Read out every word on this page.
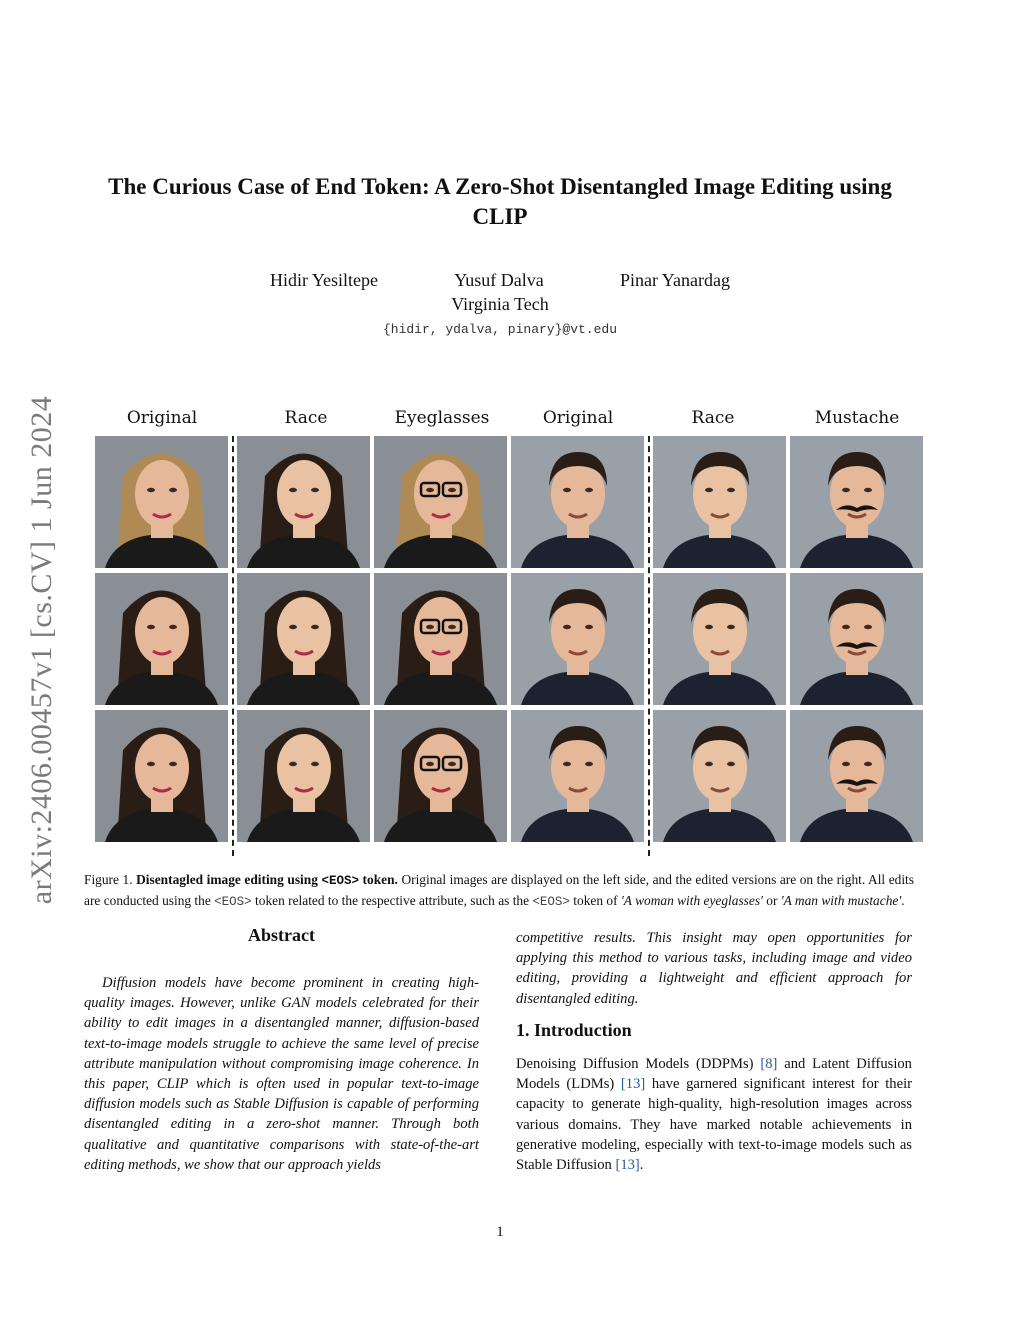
arXiv:2406.00457v1 [cs.CV] 1 Jun 2024
The Curious Case of End Token: A Zero-Shot Disentangled Image Editing using CLIP
Hidir Yesiltepe	Yusuf Dalva	Pinar Yanardag
Virginia Tech
{hidir, ydalva, pinary}@vt.edu
Original	Race	Eyeglasses	Original	Race	Mustache
Figure 1. Disentagled image editing using <EOS> token. Original images are displayed on the left side, and the edited versions are on the right. All edits are conducted using the <EOS> token related to the respective attribute, such as the <EOS> token of 'A woman with eyeglasses' or 'A man with mustache'.
Abstract
Diffusion models have become prominent in creating high-quality images. However, unlike GAN models celebrated for their ability to edit images in a disentangled manner, diffusion-based text-to-image models struggle to achieve the same level of precise attribute manipulation without compromising image coherence. In this paper, CLIP which is often used in popular text-to-image diffusion models such as Stable Diffusion is capable of performing disentangled editing in a zero-shot manner. Through both qualitative and quantitative comparisons with state-of-the-art editing methods, we show that our approach yields
competitive results. This insight may open opportunities for applying this method to various tasks, including image and video editing, providing a lightweight and efficient approach for disentangled editing.
1. Introduction
Denoising Diffusion Models (DDPMs) [8] and Latent Diffusion Models (LDMs) [13] have garnered significant interest for their capacity to generate high-quality, high-resolution images across various domains. They have marked notable achievements in generative modeling, especially with text-to-image models such as Stable Diffusion [13].
1
